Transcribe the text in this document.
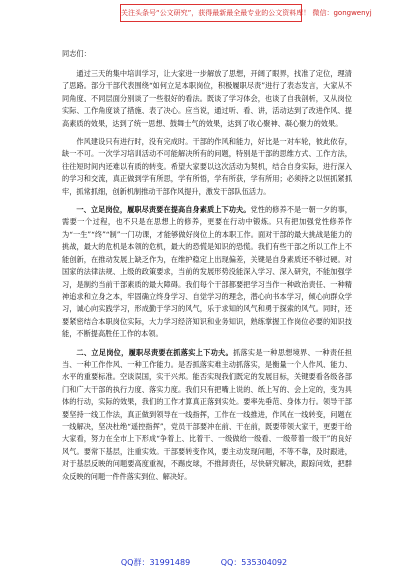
关注头条号“公文研究”，获得最新最全最专业的公文资料库！ 微信：gongwenyj
同志们：

通过三天的集中培训学习，让大家进一步解放了思想，开阔了眼界，找准了定位，理清了思路。部分干部代表围绕“如何立足本职岗位，积极履职尽责”进行了表态发言，大家从不同角度、不同层面分别谈了一些很好的看法。既谈了学习体会，也谈了自我剖析，又从岗位实际、工作角度谈了措施、表了决心。应当说，通过听、看、讲，活动达到了改进作风、提高素质的效果，达到了统一思想、鼓舞士气的效果，达到了收心聚神、凝心聚力的效果。

作风建设只有进行时，没有完成时。干部的作风和能力，好比是一对车轮，彼此依存，缺一不可。一次学习培训活动不可能解决所有的问题，特别是干部的思维方式、工作方法，往往短时间内还难以有质的转变。希望大家要以这次活动为契机，结合自身实际，进行深入的学习和交流，真正做到学有所思，学有所悟，学有所获，学有所用；必须持之以恒抓紧抓牢，抓常抓细，创新机制推动干部作风提升，激发干部队伍活力。

一、立足岗位，履职尽责要在提高自身素质上下功夫。党性的修养不是一朝一夕的事，需要一个过程，也不只是在思想上的修养，更要在行动中锻炼。只有把加强党性修养作为“一生”“终”“制”一门功课，才能够做好岗位上的本职工作。面对干部的最大挑战是能力的挑战，最大的危机是本领的危机，最大的恐慌是知识的恐慌。我们有些干部之所以工作上不能创新，在推动发展上缺乏作为，在维护稳定上出现偏差，关键是自身素质还不够过硬。对国家的法律法规、上级的政策要求，当前的发展形势没能深入学习、深入研究，不能加强学习，是制约当前干部素质的最大障碍。我们每个干部都要把学习当作一种政治责任、一种精神追求和立身之本，牢固确立终身学习、自觉学习的理念，潜心向书本学习，倾心向群众学习，诚心向实践学习，形成勤于学习的风气，乐于求知的风气和勇于探索的风气。同时，还要紧密结合本职岗位实际，大力学习经济知识和业务知识，熟练掌握工作岗位必要的知识技能，不断提高胜任工作的本领。

二、立足岗位，履职尽责要在抓落实上下功夫。抓落实是一种思想境界、一种责任担当、一种工作作风、一种工作能力。是否抓落实难主动抓落实，是衡量一个人作风、能力、水平的重要标准。空谈误国，实干兴邦。能否实现我们既定的发展目标，关键要看各级各部门和广大干部的执行力度、落实力度。我们只有把嘴上说的、纸上写的、会上定的，变为具体的行动，实际的效果，我们的工作才算真正落到实处。要率先垂范、身体力行。领导干部要坚持一线工作法，真正做到领导在一线指挥，工作在一线推进，作风在一线转变，问题在一线解决，坚决杜绝“遥控指挥”，党员干部要冲在前、干在前，既要带领大家干，更要干给大家看，努力在全市上下形成“争着上、比着干、一级做给一级看、一级带着一级干”的良好风气。要常下基层，注重实效。干部要转变作风，要主动发现问题，不等不靠，及时跟进，对于基层反映的问题要高度重视，不踢皮球，不推卸责任，尽快研究解决，跟踪问效，把群众反映的问题一件件落实到位、解决好。

QQ群：31991489	QQ：535304092
